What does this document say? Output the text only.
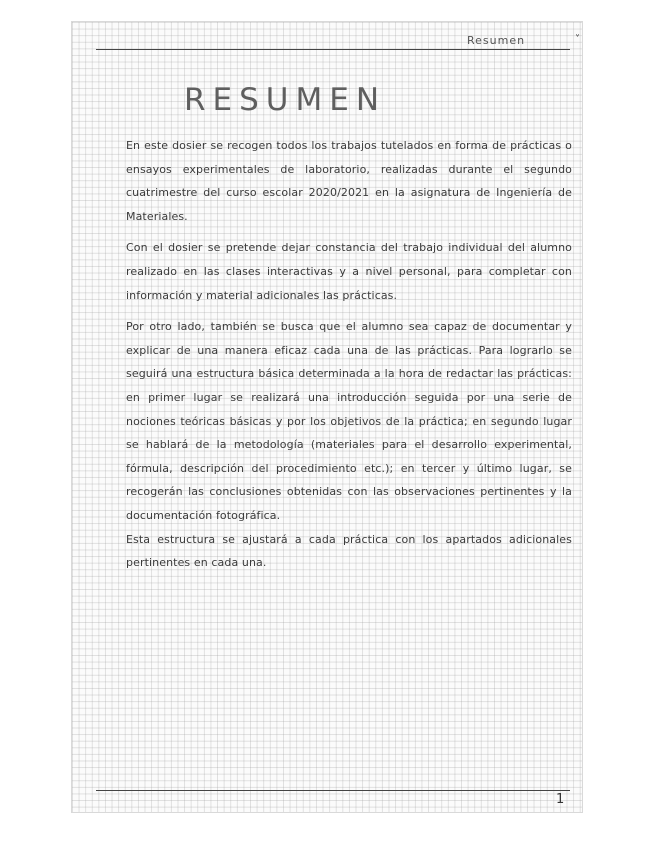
Resumen	˅
RESUMEN

En este dosier se recogen todos los trabajos tutelados en forma de prácticas o ensayos experimentales de laboratorio, realizadas durante el segundo cuatrimestre del curso escolar 2020/2021 en la asignatura de Ingeniería de Materiales.

Con el dosier se pretende dejar constancia del trabajo individual del alumno realizado en las clases interactivas y a nivel personal, para completar con información y material adicionales las prácticas.

Por otro lado, también se busca que el alumno sea capaz de documentar y explicar de una manera eficaz cada una de las prácticas. Para lograrlo se seguirá una estructura básica determinada a la hora de redactar las prácticas: en primer lugar se realizará una introducción seguida por una serie de nociones teóricas básicas y por los objetivos de la práctica; en segundo lugar se hablará de la metodología (materiales para el desarrollo experimental, fórmula, descripción del procedimiento etc.); en tercer y último lugar, se recogerán las conclusiones obtenidas con las observaciones pertinentes y la documentación fotográfica.

Esta estructura se ajustará a cada práctica con los apartados adicionales pertinentes en cada una.

1
